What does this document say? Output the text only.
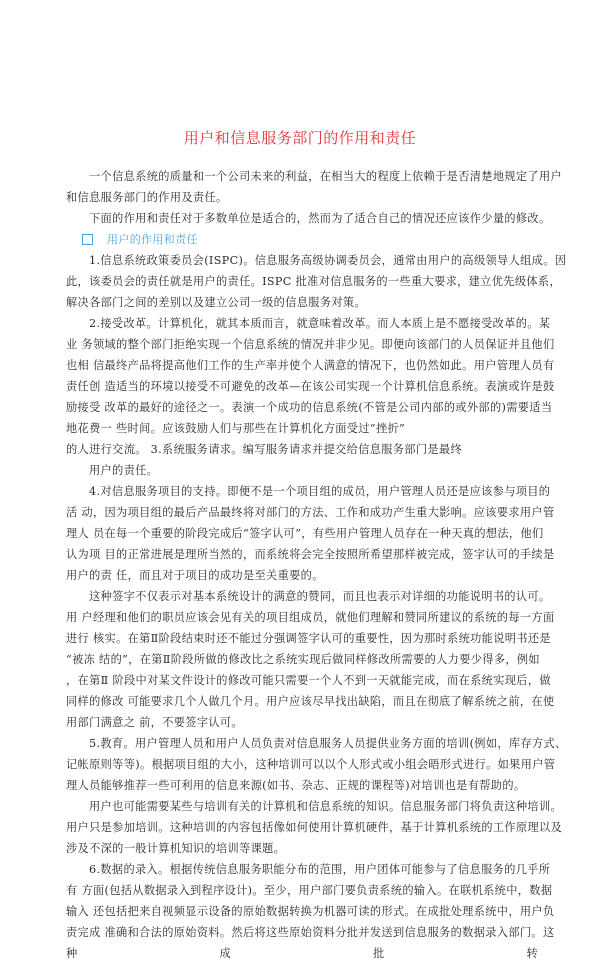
用户和信息服务部门的作用和责任
一个信息系统的质量和一个公司未来的利益，在相当大的程度上依赖于是否清楚地规定了用户
和信息服务部门的作用及责任。
下面的作用和责任对于多数单位是适合的，然而为了适合自己的情况还应该作少量的修改。
用户的作用和责任
1.信息系统政策委员会(ISPC)。信息服务高级协调委员会，通常由用户的高级领导人组成。因
此，该委员会的责任就是用户的责任。ISPC 批准对信息服务的一些重大要求，建立优先级体系，
解决各部门之间的差别以及建立公司一级的信息服务对策。
2.接受改革。计算机化，就其本质而言，就意味着改革。而人本质上是不愿接受改革的。某
业 务领域的整个部门拒绝实现一个信息系统的情况并非少见。即便向该部门的人员保证并且他们
也相 信最终产品将提高他们工作的生产率并使个人满意的情况下，也仍然如此。用户管理人员有
责任创 造适当的环境以接受不可避免的改革—在该公司实现一个计算机信息系统。表演或许是鼓
励接受 改革的最好的途径之一。表演一个成功的信息系统(不管是公司内部的或外部的)需要适当
地花费一 些时间。应该鼓励人们与那些在计算机化方面受过“挫折”
的人进行交流。 3.系统服务请求。编写服务请求并提交给信息服务部门是最终
用户的责任。
4.对信息服务项目的支持。即便不是一个项目组的成员，用户管理人员还是应该参与项目的
活 动，因为项目组的最后产品最终将对部门的方法、工作和成功产生重大影响。应该要求用户管
理人 员在每一个重要的阶段完成后“签字认可”，有些用户管理人员存在一种天真的想法，他们
认为项 目的正常进展是理所当然的，而系统将会完全按照所希望那样被完成，签字认可的手续是
用户的责 任，而且对于项目的成功是至关重要的。
这种签字不仅表示对基本系统设计的满意的赞同，而且也表示对详细的功能说明书的认可。
用 户经理和他们的职员应该会见有关的项目组成员，就他们理解和赞同所建议的系统的每一方面
进行 核实。在第Ⅱ阶段结束时还不能过分强调签字认可的重要性，因为那时系统功能说明书还是
“被冻 结的”，在第Ⅱ阶段所做的修改比之系统实现后做同样修改所需要的人力要少得多，例如
，在第Ⅱ 阶段中对某文件设计的修改可能只需要一个人不到一天就能完成，而在系统实现后，做
同样的修改 可能要求几个人做几个月。用户应该尽早找出缺陷，而且在彻底了解系统之前，在使
用部门满意之 前，不要签字认可。
5.教育。用户管理人员和用户人员负责对信息服务人员提供业务方面的培训(例如，库存方式、
记帐原则等等)。根据项目组的大小，这种培训可以以个人形式或小组会晤形式进行。如果用户管
理人员能够推荐一些可利用的信息来源(如书、杂志、正规的课程等)对培训也是有帮助的。
用户也可能需要某些与培训有关的计算机和信息系统的知识。信息服务部门将负责这种培训。
用户只是参加培训。这种培训的内容包括像如何使用计算机硬件，基于计算机系统的工作原理以及
涉及不深的一般计算机知识的培训等课题。
6.数据的录入。根据传统信息服务职能分布的范围，用户团体可能参与了信息服务的几乎所
有 方面(包括从数据录入到程序设计)。至少，用户部门要负责系统的输入。在联机系统中，数据
输入 还包括把来自视频显示设备的原始数据转换为机器可读的形式。在成批处理系统中，用户负
责完成 准确和合法的原始资料。然后将这些原始资料分批并发送到信息服务的数据录入部门。这
种	成	批	转
